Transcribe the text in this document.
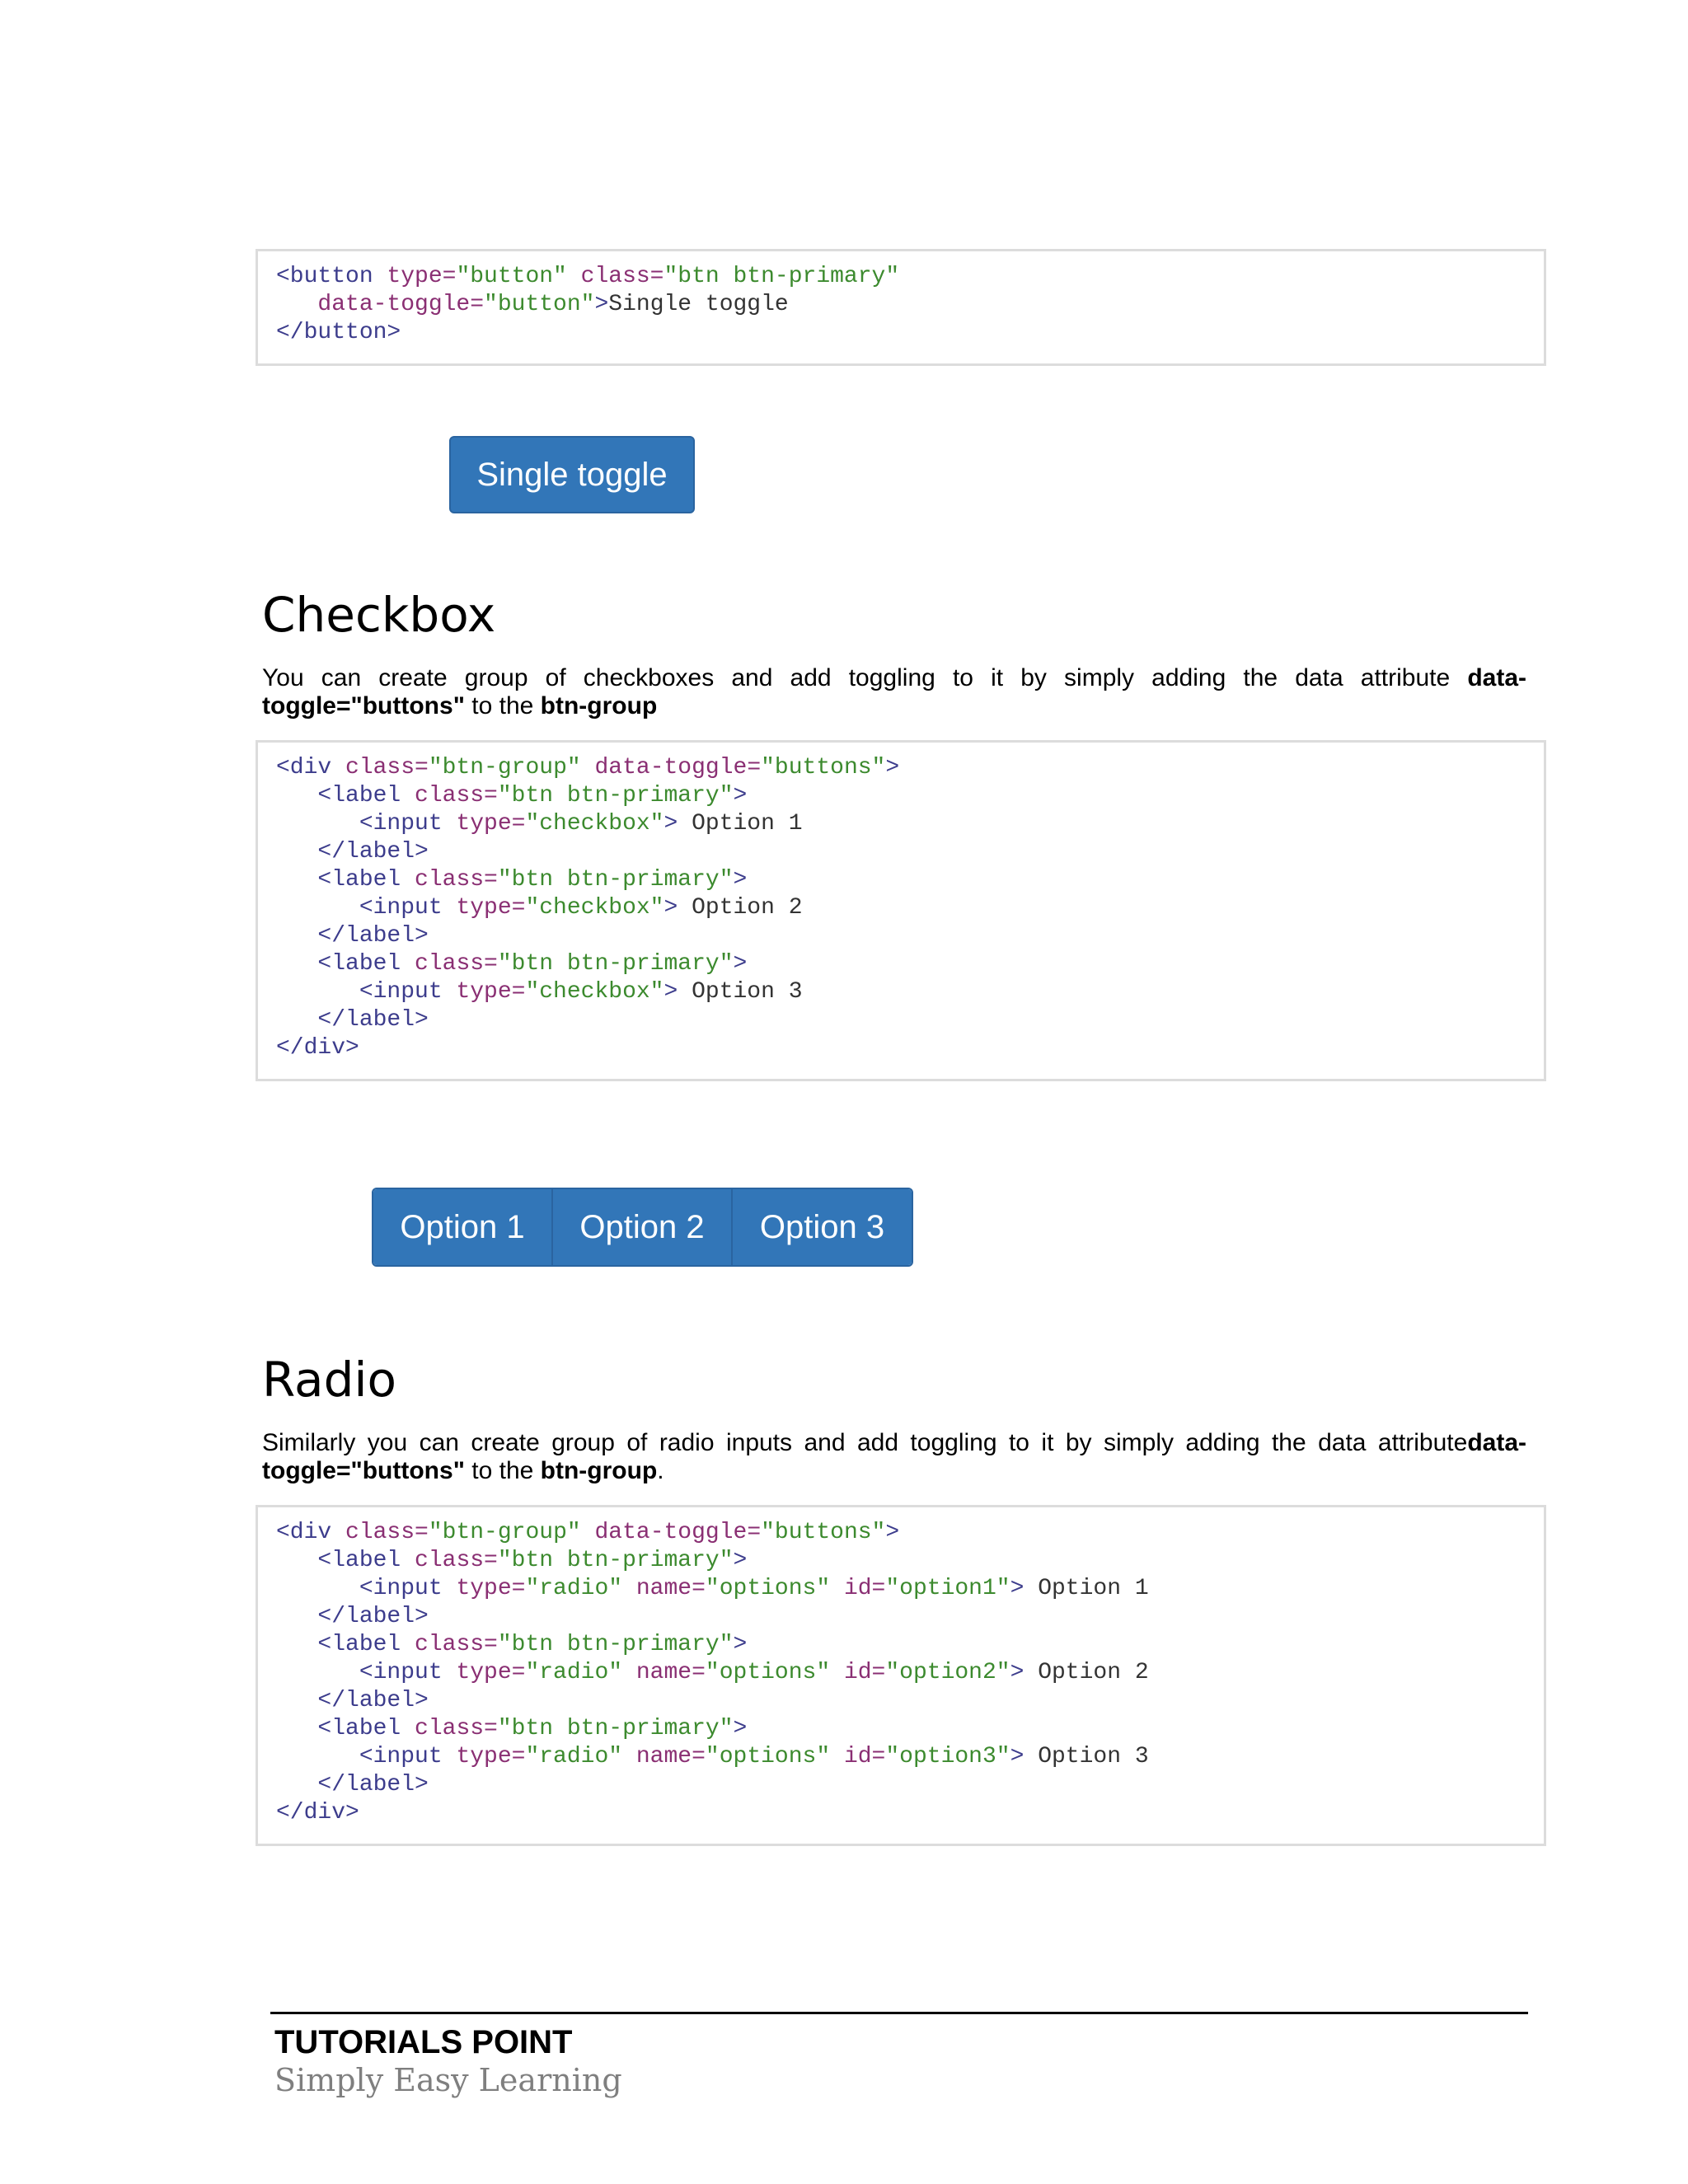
<button type="button" class="btn btn-primary"
data-toggle="button">Single toggle
</button>
Single toggle
Checkbox

You can create group of checkboxes and add toggling to it by simply adding the data attribute data-toggle="buttons" to the btn-group

<div class="btn-group" data-toggle="buttons">
<label class="btn btn-primary">
<input type="checkbox"> Option 1
</label>
<label class="btn btn-primary">
<input type="checkbox"> Option 2
</label>
<label class="btn btn-primary">
<input type="checkbox"> Option 3
</label>
</div>
Option 1 Option 2 Option 3
Radio

Similarly you can create group of radio inputs and add toggling to it by simply adding the data attributedata-toggle="buttons" to the btn-group.

<div class="btn-group" data-toggle="buttons">
<label class="btn btn-primary">
<input type="radio" name="options" id="option1"> Option 1
</label>
<label class="btn btn-primary">
<input type="radio" name="options" id="option2"> Option 2
</label>
<label class="btn btn-primary">
<input type="radio" name="options" id="option3"> Option 3
</label>
</div>
TUTORIALS POINT
Simply Easy Learning
